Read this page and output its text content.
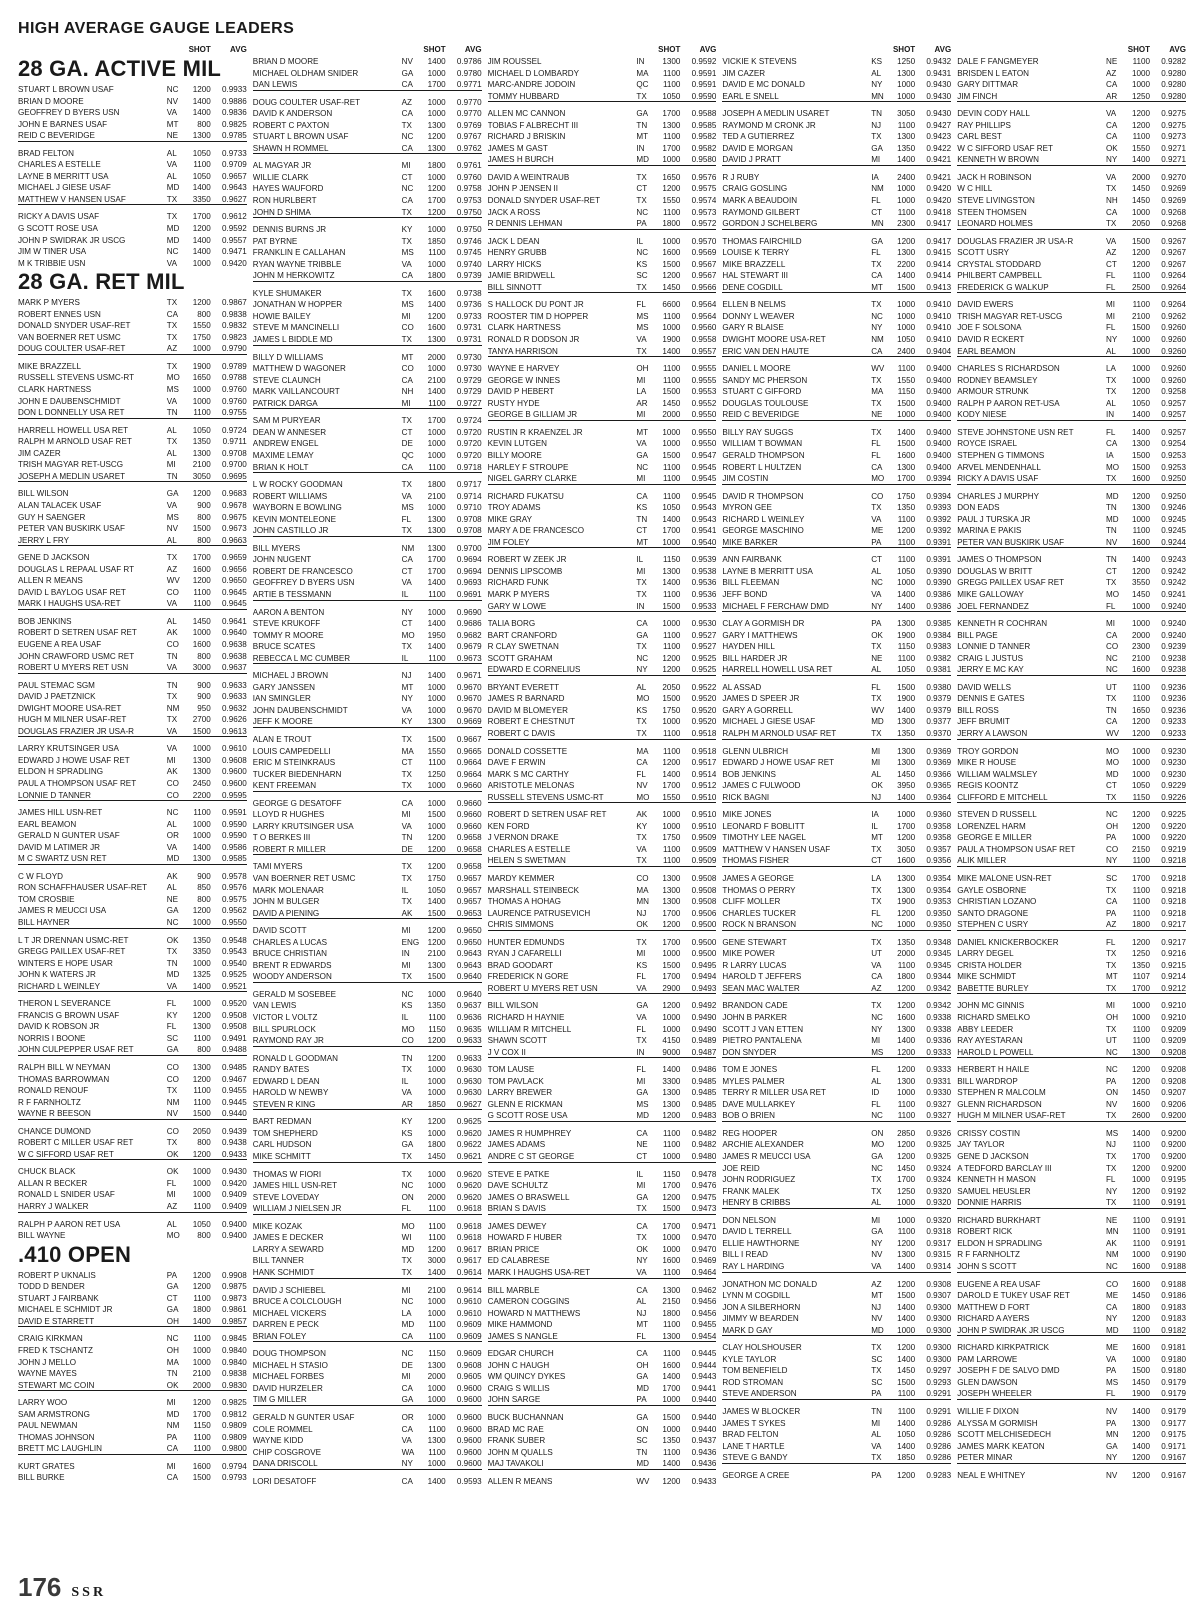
HIGH AVERAGE GAUGE LEADERS
SHOT	AVG
28 GA. ACTIVE MIL
STUART L BROWN USAF	NC	1200	0.9933
BRIAN D MOORE	NV	1400	0.9886
GEOFFREY D BYERS USN	VA	1400	0.9836
JOHN E BARNES USAF	MT	800	0.9825
REID C BEVERIDGE	NE	1300	0.9785
BRAD FELTON	AL	1050	0.9733
CHARLES A ESTELLE	VA	1100	0.9709
LAYNE B MERRITT USA	AL	1050	0.9657
MICHAEL J GIESE USAF	MD	1400	0.9643
MATTHEW V HANSEN USAF	TX	3350	0.9627
RICKY A DAVIS USAF	TX	1700	0.9612
G SCOTT ROSE USA	MD	1200	0.9592
JOHN P SWIDRAK JR USCG	MD	1400	0.9557
JIM W TINER USA	NC	1400	0.9471
M K TRIBBIE USN	VA	1000	0.9420
28 GA. RET MIL
MARK P MYERS	TX	1200	0.9867
ROBERT ENNES USN	CA	800	0.9838
DONALD SNYDER USAF-RET	TX	1550	0.9832
VAN BOERNER RET USMC	TX	1750	0.9823
DOUG COULTER USAF-RET	AZ	1000	0.9790
MIKE BRAZZELL	TX	1900	0.9789
RUSSELL STEVENS USMC-RT	MO	1650	0.9788
CLARK HARTNESS	MS	1000	0.9760
JOHN E DAUBENSCHMIDT	VA	1000	0.9760
DON L DONNELLY USA RET	TN	1100	0.9755
HARRELL HOWELL USA RET	AL	1050	0.9724
RALPH M ARNOLD USAF RET	TX	1350	0.9711
JIM CAZER	AL	1300	0.9708
TRISH MAGYAR RET-USCG	MI	2100	0.9700
JOSEPH A MEDLIN USARET	TN	3050	0.9695
BILL WILSON	GA	1200	0.9683
ALAN TALACEK USAF	VA	900	0.9678
GUY H SAENGER	MS	800	0.9675
PETER VAN BUSKIRK USAF	NV	1500	0.9673
JERRY L FRY	AL	800	0.9663
GENE D JACKSON	TX	1700	0.9659
DOUGLAS L REPAAL USAF RT	AZ	1600	0.9656
ALLEN R MEANS	WV	1200	0.9650
DAVID L BAYLOG USAF RET	CO	1100	0.9645
MARK I HAUGHS USA-RET	VA	1100	0.9645
BOB JENKINS	AL	1450	0.9641
ROBERT D SETREN USAF RET	AK	1000	0.9640
EUGENE A REA USAF	CO	1600	0.9638
JOHN CRAWFORD USMC RET	TN	800	0.9638
ROBERT U MYERS RET USN	VA	3000	0.9637
PAUL STEMAC SGM	TN	900	0.9633
DAVID J PAETZNICK	TX	900	0.9633
DWIGHT MOORE USA-RET	NM	950	0.9632
HUGH M MILNER USAF-RET	TX	2700	0.9626
DOUGLAS FRAZIER JR USA-R	VA	1500	0.9613
LARRY KRUTSINGER USA	VA	1000	0.9610
EDWARD J HOWE USAF RET	MI	1300	0.9608
ELDON H SPRADLING	AK	1300	0.9600
PAUL A THOMPSON USAF RET	CO	2450	0.9600
LONNIE D TANNER	CO	2200	0.9595
JAMES HILL USN-RET	NC	1100	0.9591
EARL BEAMON	AL	1000	0.9590
GERALD N GUNTER USAF	OR	1000	0.9590
DAVID M LATIMER JR	VA	1400	0.9586
M C SWARTZ USN RET	MD	1300	0.9585
C W FLOYD	AK	900	0.9578
RON SCHAFFHAUSER USAF-RET	AL	850	0.9576
TOM CROSBIE	NE	800	0.9575
JAMES R MEUCCI USA	GA	1200	0.9562
BILL HAYNER	NC	1000	0.9550
L T JR DRENNAN USMC-RET	OK	1350	0.9548
GREGG PAILLEX USAF-RET	TX	3350	0.9543
WINTERS E HOPE USAR	TN	1000	0.9540
JOHN K WATERS JR	MD	1325	0.9525
RICHARD L WEINLEY	VA	1400	0.9521
THERON L SEVERANCE	FL	1000	0.9520
FRANCIS G BROWN USAF	KY	1200	0.9508
DAVID K ROBSON JR	FL	1300	0.9508
NORRIS I BOONE	SC	1100	0.9491
JOHN CULPEPPER USAF RET	GA	800	0.9488
RALPH BILL W NEYMAN	CO	1300	0.9485
THOMAS BARROWMAN	CO	1200	0.9467
RONALD RENOUF	TX	1100	0.9455
R F FARNHOLTZ	NM	1100	0.9445
WAYNE R BEESON	NV	1500	0.9440
CHANCE DUMOND	CO	2050	0.9439
ROBERT C MILLER USAF RET	TX	800	0.9438
W C SIFFORD USAF RET	OK	1200	0.9433
CHUCK BLACK	OK	1000	0.9430
ALLAN R BECKER	FL	1000	0.9420
RONALD L SNIDER USAF	MI	1000	0.9409
HARRY J WALKER	AZ	1100	0.9409
RALPH P AARON RET USA	AL	1050	0.9400
BILL WAYNE	MO	800	0.9400
.410 OPEN
ROBERT P UKNALIS	PA	1200	0.9908
TODD D BENDER	GA	1200	0.9875
STUART J FAIRBANK	CT	1100	0.9873
MICHAEL E SCHMIDT JR	GA	1800	0.9861
DAVID E STARRETT	OH	1400	0.9857
CRAIG KIRKMAN	NC	1100	0.9845
FRED K TSCHANTZ	OH	1000	0.9840
JOHN J MELLO	MA	1000	0.9840
WAYNE MAYES	TN	2100	0.9838
STEWART MC COIN	OK	2000	0.9830
LARRY WOO	MI	1200	0.9825
SAM ARMSTRONG	MD	1700	0.9812
PAUL NEWMAN	NM	1150	0.9809
THOMAS JOHNSON	PA	1100	0.9809
BRETT MC LAUGHLIN	CA	1100	0.9800
KURT GRATES	MI	1600	0.9794
BILL BURKE	CA	1500	0.9793
SHOT	AVG
BRIAN D MOORE	NV	1400	0.9786
MICHAEL OLDHAM SNIDER	GA	1000	0.9780
DAN LEWIS	CA	1700	0.9771
DOUG COULTER USAF-RET	AZ	1000	0.9770
DAVID K ANDERSON	CA	1000	0.9770
ROBERT C PAXTON	TX	1300	0.9769
STUART L BROWN USAF	NC	1200	0.9767
SHAWN H ROMMEL	CA	1300	0.9762
AL MAGYAR JR	MI	1800	0.9761
WILLIE CLARK	CT	1000	0.9760
HAYES WAUFORD	NC	1200	0.9758
RON HURLBERT	CA	1700	0.9753
JOHN D SHIMA	TX	1200	0.9750
DENNIS BURNS JR	KY	1000	0.9750
PAT BYRNE	TX	1850	0.9746
FRANKLIN E CALLAHAN	MS	1100	0.9745
RYAN WAYNE TRIBBLE	VA	1000	0.9740
JOHN M HERKOWITZ	CA	1800	0.9739
KYLE SHUMAKER	TX	1600	0.9738
JONATHAN W HOPPER	MS	1400	0.9736
HOWIE BAILEY	MI	1200	0.9733
STEVE M MANCINELLI	CO	1600	0.9731
JAMES L BIDDLE MD	TX	1300	0.9731
BILLY D WILLIAMS	MT	2000	0.9730
MATTHEW D WAGONER	CO	1000	0.9730
STEVE CLAUNCH	CA	2100	0.9729
MARK VAILLANCOURT	NH	1400	0.9729
PATRICK DARGA	MI	1100	0.9727
SAM M PURYEAR	TX	1700	0.9724
DEAN W ANNESER	CT	1000	0.9720
ANDREW ENGEL	DE	1000	0.9720
MAXIME LEMAY	QC	1000	0.9720
BRIAN K HOLT	CA	1100	0.9718
L W ROCKY GOODMAN	TX	1800	0.9717
ROBERT WILLIAMS	VA	2100	0.9714
WAYBORN E BOWLING	MS	1000	0.9710
KEVIN MONTELEONE	FL	1300	0.9708
JOHN CASTILLO JR	TX	1300	0.9708
BILL MYERS	NM	1300	0.9700
JOHN NUGENT	CA	1700	0.9694
ROBERT DE FRANCESCO	CT	1700	0.9694
GEOFFREY D BYERS USN	VA	1400	0.9693
ARTIE B TESSMANN	IL	1100	0.9691
AARON A BENTON	NY	1000	0.9690
STEVE KRUKOFF	CT	1400	0.9686
TOMMY R MOORE	MO	1950	0.9682
BRUCE SCATES	TX	1400	0.9679
REBECCA L MC CUMBER	IL	1100	0.9673
MICHAEL J BROWN	NJ	1400	0.9671
GARY JANSSEN	MT	1000	0.9670
IAN SMINGLER	NY	1000	0.9670
JOHN DAUBENSCHMIDT	VA	1000	0.9670
JEFF K MOORE	KY	1300	0.9669
ALAN E TROUT	TX	1500	0.9667
LOUIS CAMPEDELLI	MA	1550	0.9665
ERIC M STEINKRAUS	CT	1100	0.9664
TUCKER BIEDENHARN	TX	1250	0.9664
KENT FREEMAN	TX	1000	0.9660
GEORGE G DESATOFF	CA	1000	0.9660
LLOYD R HUGHES	MI	1500	0.9660
LARRY KRUTSINGER USA	VA	1000	0.9660
T O BERKES III	TN	1200	0.9658
ROBERT R MILLER	DE	1200	0.9658
TAMI MYERS	TX	1200	0.9658
VAN BOERNER RET USMC	TX	1750	0.9657
MARK MOLENAAR	IL	1050	0.9657
JOHN M BULGER	TX	1400	0.9657
DAVID A PIENING	AK	1500	0.9653
DAVID SCOTT	MI	1200	0.9650
CHARLES A LUCAS	ENG	1200	0.9650
BRUCE CHRISTIAN	IN	2100	0.9643
BRENT R EDWARDS	MI	1300	0.9643
WOODY ANDERSON	TX	1500	0.9640
GERALD M SOSEBEE	NC	1000	0.9640
VAN LEWIS	KS	1350	0.9637
VICTOR L VOLTZ	IL	1100	0.9636
BILL SPURLOCK	MO	1150	0.9635
RAYMOND RAY JR	CO	1200	0.9633
RONALD L GOODMAN	TN	1200	0.9633
RANDY BATES	TX	1000	0.9630
EDWARD L DEAN	IL	1000	0.9630
HAROLD W NEWBY	VA	1000	0.9630
STEVEN R KING	AR	1850	0.9627
BART REDMAN	KY	1200	0.9625
TOM SHEPHERD	KS	1000	0.9620
CARL HUDSON	GA	1800	0.9622
MIKE SCHMITT	TX	1450	0.9621
THOMAS W FIORI	TX	1000	0.9620
JAMES HILL USN-RET	NC	1000	0.9620
STEVE LOVEDAY	ON	2000	0.9620
WILLIAM J NIELSEN JR	FL	1100	0.9618
MIKE KOZAK	MO	1100	0.9618
JAMES E DECKER	WI	1100	0.9618
LARRY A SEWARD	MD	1200	0.9617
BILL TANNER	TX	3000	0.9617
HANK SCHMIDT	TX	1400	0.9614
DAVID J SCHIEBEL	MI	2100	0.9614
BRUCE A COLCLOUGH	NC	1000	0.9610
MICHAEL VICKERS	LA	1000	0.9610
DARREN E PECK	MD	1100	0.9609
BRIAN FOLEY	CA	1100	0.9609
DOUG THOMPSON	NC	1150	0.9609
MICHAEL H STASIO	DE	1300	0.9608
MICHAEL FORBES	MI	2000	0.9605
DAVID HURZELER	CA	1000	0.9600
TIM G MILLER	GA	1000	0.9600
GERALD N GUNTER USAF	OR	1000	0.9600
COLE ROMMEL	CA	1100	0.9600
WAYNE KIDD	VA	1300	0.9600
CHIP COSGROVE	WA	1100	0.9600
DANA DRISCOLL	NY	1000	0.9600
LORI DESATOFF	CA	1400	0.9593
SHOT	AVG
JIM ROUSSEL	IN	1300	0.9592
MICHAEL D LOMBARDY	MA	1100	0.9591
MARC-ANDRE JODOIN	QC	1100	0.9591
TOMMY HUBBARD	TX	1050	0.9590
ALLEN MC CANNON	GA	1700	0.9588
TOBIAS F ALBRECHT III	TN	1300	0.9585
RICHARD J BRISKIN	MT	1100	0.9582
JAMES M GAST	IN	1700	0.9582
JAMES H BURCH	MD	1000	0.9580
DAVID A WEINTRAUB	TX	1650	0.9576
JOHN P JENSEN II	CT	1200	0.9575
DONALD SNYDER USAF-RET	TX	1550	0.9574
JACK A ROSS	NC	1100	0.9573
R DENNIS LEHMAN	PA	1800	0.9572
JACK L DEAN	IL	1000	0.9570
HENRY GRUBB	NC	1600	0.9569
LARRY HICKS	KS	1500	0.9567
JAMIE BRIDWELL	SC	1200	0.9567
BILL SINNOTT	TX	1450	0.9566
S HALLOCK DU PONT JR	FL	6600	0.9564
ROOSTER TIM D HOPPER	MS	1100	0.9564
CLARK HARTNESS	MS	1000	0.9560
RONALD R DODSON JR	VA	1900	0.9558
TANYA HARRISON	TX	1400	0.9557
WAYNE E HARVEY	OH	1100	0.9555
GEORGE W INNES	MI	1100	0.9555
DAVID P HEBERT	LA	1500	0.9553
RUSTY HYDE	AR	1450	0.9552
GEORGE B GILLIAM JR	MI	2000	0.9550
RUSTIN R KRAENZEL JR	MT	1000	0.9550
KEVIN LUTGEN	VA	1000	0.9550
BILLY MOORE	GA	1500	0.9547
HARLEY F STROUPE	NC	1100	0.9545
NIGEL GARRY CLARKE	MI	1100	0.9545
RICHARD FUKATSU	CA	1100	0.9545
TROY ADAMS	KS	1050	0.9543
MIKE GRAY	TN	1400	0.9543
MARY A DE FRANCESCO	CT	1700	0.9541
JIM FOLEY	MT	1000	0.9540
ROBERT W ZEEK JR	IL	1150	0.9539
DENNIS LIPSCOMB	MI	1300	0.9538
RICHARD FUNK	TX	1400	0.9536
MARK P MYERS	TX	1100	0.9536
GARY W LOWE	IN	1500	0.9533
TALIA BORG	CA	1000	0.9530
BART CRANFORD	GA	1100	0.9527
R CLAY SWETNAN	TX	1100	0.9527
SCOTT GRAHAM	NC	1200	0.9525
EDWARD E CORNELIUS	NY	1200	0.9525
BRYANT EVERETT	AL	2050	0.9522
JAMES R BARNARD	MO	1500	0.9520
DAVID M BLOMEYER	KS	1750	0.9520
ROBERT E CHESTNUT	TX	1000	0.9520
ROBERT C DAVIS	TX	1100	0.9518
DONALD COSSETTE	MA	1100	0.9518
DAVE F ERWIN	CA	1200	0.9517
MARK S MC CARTHY	FL	1400	0.9514
ARISTOTLE MELONAS	NV	1700	0.9512
RUSSELL STEVENS USMC-RT	MO	1550	0.9510
ROBERT D SETREN USAF RET	AK	1000	0.9510
KEN FORD	KY	1000	0.9510
J VERNON DRAKE	TX	1750	0.9509
CHARLES A ESTELLE	VA	1100	0.9509
HELEN S SWETMAN	TX	1100	0.9509
MARDY KEMMER	CO	1300	0.9508
MARSHALL STEINBECK	MA	1300	0.9508
THOMAS A HOHAG	MN	1300	0.9508
LAURENCE PATRUSEVICH	NJ	1700	0.9506
CHRIS SIMMONS	OK	1200	0.9500
HUNTER EDMUNDS	TX	1700	0.9500
RYAN J CAFARELLI	MI	1000	0.9500
BRAD GOODART	KS	1500	0.9495
FREDERICK N GORE	FL	1700	0.9494
ROBERT U MYERS RET USN	VA	2900	0.9493
BILL WILSON	GA	1200	0.9492
RICHARD H HAYNIE	VA	1000	0.9490
WILLIAM R MITCHELL	FL	1000	0.9490
SHAWN SCOTT	TX	4150	0.9489
J V COX II	IN	9000	0.9487
TOM LAUSE	FL	1400	0.9486
TOM PAVLACK	MI	3300	0.9485
LARRY BREWER	GA	1300	0.9485
GLENN E RICKMAN	MS	1300	0.9485
G SCOTT ROSE USA	MD	1200	0.9483
JAMES R HUMPHREY	CA	1100	0.9482
JAMES ADAMS	NE	1100	0.9482
ANDRE C ST GEORGE	CT	1000	0.9480
STEVE E PATKE	IL	1150	0.9478
DAVE SCHULTZ	MI	1700	0.9476
JAMES O BRASWELL	GA	1200	0.9475
BRIAN S DAVIS	TX	1500	0.9473
JAMES DEWEY	CA	1700	0.9471
HOWARD F HUBER	TX	1000	0.9470
BRIAN PRICE	OK	1000	0.9470
ED CALABRESE	NY	1600	0.9469
MARK I HAUGHS USA-RET	VA	1100	0.9464
BILL MARBLE	CA	1300	0.9462
CAMERON COGGINS	AL	2150	0.9456
HOWARD N MATTHEWS	NJ	1800	0.9456
MIKE HAMMOND	MT	1100	0.9455
JAMES S NANGLE	FL	1300	0.9454
EDGAR CHURCH	CA	1100	0.9445
JOHN C HAUGH	OH	1600	0.9444
WM QUINCY DYKES	GA	1400	0.9443
CRAIG S WILLIS	MD	1700	0.9441
JOHN SARGE	PA	1000	0.9440
BUCK BUCHANNAN	GA	1500	0.9440
BRAD MC RAE	ON	1000	0.9440
FRANK SUBER	SC	1350	0.9437
JOHN M QUALLS	TN	1100	0.9436
MAJ TAVAKOLI	MD	1400	0.9436
ALLEN R MEANS	WV	1200	0.9433
SHOT	AVG
VICKIE K STEVENS	KS	1250	0.9432
JIM CAZER	AL	1300	0.9431
DAVID E MC DONALD	NY	1000	0.9430
EARL E SNELL	MN	1000	0.9430
JOSEPH A MEDLIN USARET	TN	3050	0.9430
RAYMOND M CRONK JR	NJ	1100	0.9427
TED A GUTIERREZ	TX	1300	0.9423
DAVID E MORGAN	GA	1350	0.9422
DAVID J PRATT	MI	1400	0.9421
R J RUBY	IA	2400	0.9421
CRAIG GOSLING	NM	1000	0.9420
MARK A BEAUDOIN	FL	1000	0.9420
RAYMOND GILBERT	CT	1100	0.9418
GORDON J SCHELBERG	MN	2300	0.9417
THOMAS FAIRCHILD	GA	1200	0.9417
LOUISE K TERRY	FL	1300	0.9415
MIKE BRAZZELL	TX	2200	0.9414
HAL STEWART III	CA	1400	0.9414
DENE COGDILL	MT	1500	0.9413
ELLEN B NELMS	TX	1000	0.9410
DONNY L WEAVER	NC	1000	0.9410
GARY R BLAISE	NY	1000	0.9410
DWIGHT MOORE USA-RET	NM	1050	0.9410
ERIC VAN DEN HAUTE	CA	2400	0.9404
DANIEL L MOORE	WV	1100	0.9400
SANDY MC PHERSON	TX	1550	0.9400
STUART C GIFFORD	MA	1150	0.9400
DOUGLAS TOULOUSE	TX	1500	0.9400
REID C BEVERIDGE	NE	1000	0.9400
BILLY RAY SUGGS	TX	1400	0.9400
WILLIAM T BOWMAN	FL	1500	0.9400
GERALD THOMPSON	FL	1600	0.9400
ROBERT L HULTZEN	CA	1300	0.9400
JIM COSTIN	MO	1700	0.9394
DAVID R THOMPSON	CO	1750	0.9394
MYRON GEE	TX	1350	0.9393
RICHARD L WEINLEY	VA	1100	0.9392
GEORGE MASCHINO	ME	1200	0.9392
MIKE BARKER	PA	1100	0.9391
ANN FAIRBANK	CT	1100	0.9391
LAYNE B MERRITT USA	AL	1050	0.9390
BILL FLEEMAN	NC	1000	0.9390
JEFF BOND	VA	1400	0.9386
MICHAEL F FERCHAW DMD	NY	1400	0.9386
CLAY A GORMISH DR	PA	1300	0.9385
GARY I MATTHEWS	OK	1900	0.9384
HAYDEN HILL	TX	1150	0.9383
BILL HARDER JR	NE	1100	0.9382
HARRELL HOWELL USA RET	AL	1050	0.9381
AL ASSAD	FL	1500	0.9380
JAMES D SPEER JR	TX	1900	0.9379
GARY A GORRELL	WV	1400	0.9379
MICHAEL J GIESE USAF	MD	1300	0.9377
RALPH M ARNOLD USAF RET	TX	1350	0.9370
GLENN ULBRICH	MI	1300	0.9369
EDWARD J HOWE USAF RET	MI	1300	0.9369
BOB JENKINS	AL	1450	0.9366
JAMES C FULWOOD	OK	3950	0.9365
RICK BAGNI	NJ	1400	0.9364
MIKE JONES	IA	1000	0.9360
LEONARD F BOBLITT	IL	1700	0.9358
TIMOTHY LEE NAGEL	MT	1200	0.9358
MATTHEW V HANSEN USAF	TX	3050	0.9357
THOMAS FISHER	CT	1600	0.9356
JAMES A GEORGE	LA	1300	0.9354
THOMAS O PERRY	TX	1300	0.9354
CLIFF MOLLER	TX	1900	0.9353
CHARLES TUCKER	FL	1200	0.9350
ROCK N BRANSON	NC	1000	0.9350
GENE STEWART	TX	1350	0.9348
MIKE POWER	UT	2000	0.9345
R LARRY LUCAS	VA	1100	0.9345
HAROLD T JEFFERS	CA	1800	0.9344
SEAN MAC WALTER	AZ	1200	0.9342
BRANDON CADE	TX	1200	0.9342
JOHN B PARKER	NC	1600	0.9338
SCOTT J VAN ETTEN	NY	1300	0.9338
PIETRO PANTALENA	MI	1400	0.9336
DON SNYDER	MS	1200	0.9333
TOM E JONES	FL	1200	0.9333
MYLES PALMER	AL	1300	0.9331
TERRY R MILLER USA RET	ID	1000	0.9330
DAVE MULLARKEY	FL	1100	0.9327
BOB O BRIEN	NC	1100	0.9327
REG HOOPER	ON	2850	0.9326
ARCHIE ALEXANDER	MO	1200	0.9325
JAMES R MEUCCI USA	GA	1200	0.9325
JOE REID	NC	1450	0.9324
JOHN RODRIGUEZ	TX	1700	0.9324
FRANK MALEK	TX	1250	0.9320
HENRY B CRIBBS	AL	1000	0.9320
DON NELSON	MI	1000	0.9320
DAVID L TERRELL	GA	1100	0.9318
ELLIE HAWTHORNE	NY	1200	0.9317
BILL I READ	NV	1300	0.9315
RAY L HARDING	VA	1400	0.9314
JONATHON MC DONALD	AZ	1200	0.9308
LYNN M COGDILL	MT	1500	0.9307
JON A SILBERHORN	NJ	1400	0.9300
JIMMY W BEARDEN	NV	1400	0.9300
MARK D GAY	MD	1000	0.9300
CLAY HOLSHOUSER	TX	1200	0.9300
KYLE TAYLOR	SC	1400	0.9300
TOM BENEFIELD	TX	1450	0.9297
ROD STROMAN	SC	1500	0.9293
STEVE ANDERSON	PA	1100	0.9291
JAMES W BLOCKER	TN	1100	0.9291
JAMES T SYKES	MI	1400	0.9286
BRAD FELTON	AL	1050	0.9286
LANE T HARTLE	VA	1400	0.9286
STEVE G BANDY	TX	1850	0.9286
GEORGE A CREE	PA	1200	0.9283
SHOT	AVG
DALE F FANGMEYER	NE	1100	0.9282
BRISDEN L EATON	AZ	1000	0.9280
GARY DITTMAR	CA	1000	0.9280
JIM FINCH	AR	1250	0.9280
DEVIN CODY HALL	VA	1200	0.9275
RAY PHILLIPS	CA	1200	0.9275
CARL BEST	CA	1100	0.9273
W C SIFFORD USAF RET	OK	1550	0.9271
KENNETH W BROWN	NY	1400	0.9271
JACK H ROBINSON	VA	2000	0.9270
W C HILL	TX	1450	0.9269
STEVE LIVINGSTON	NH	1450	0.9269
STEEN THOMSEN	CA	1000	0.9268
LEONARD HOLMES	TX	2050	0.9268
DOUGLAS FRAZIER JR USA-R	VA	1500	0.9267
SCOTT USRY	AZ	1200	0.9267
CRYSTAL STODDARD	CT	1200	0.9267
PHILBERT CAMPBELL	FL	1100	0.9264
FREDERICK G WALKUP	FL	2500	0.9264
DAVID EWERS	MI	1100	0.9264
TRISH MAGYAR RET-USCG	MI	2100	0.9262
JOE F SOLSONA	FL	1500	0.9260
DAVID R ECKERT	NY	1000	0.9260
EARL BEAMON	AL	1000	0.9260
CHARLES S RICHARDSON	LA	1000	0.9260
RODNEY BEAMSLEY	TX	1000	0.9260
ARMOUR STRUNK	TX	1200	0.9258
RALPH P AARON RET-USA	AL	1050	0.9257
KODY NIESE	IN	1400	0.9257
STEVE JOHNSTONE USN RET	FL	1400	0.9257
ROYCE ISRAEL	CA	1300	0.9254
STEPHEN G TIMMONS	IA	1500	0.9253
ARVEL MENDENHALL	MO	1500	0.9253
RICKY A DAVIS USAF	TX	1600	0.9250
CHARLES J MURPHY	MD	1200	0.9250
DON EADS	TN	1300	0.9246
PAUL J TURSKA JR	MD	1000	0.9245
MARINA E PAKIS	TN	1100	0.9245
PETER VAN BUSKIRK USAF	NV	1600	0.9244
JAMES O THOMPSON	TN	1400	0.9243
DOUGLAS W BRITT	CT	1200	0.9242
GREGG PAILLEX USAF RET	TX	3550	0.9242
MIKE GALLOWAY	MO	1450	0.9241
JOEL FERNANDEZ	FL	1000	0.9240
KENNETH R COCHRAN	MI	1000	0.9240
BILL PAGE	CA	2000	0.9240
LONNIE D TANNER	CO	2300	0.9239
CRAIG L JUSTUS	NC	2100	0.9238
JERRY E MC KAY	NC	1600	0.9238
DAVID WELLS	UT	1100	0.9236
DENNIS E GATES	TX	1100	0.9236
BILL ROSS	TN	1650	0.9236
JEFF BRUMIT	CA	1200	0.9233
JERRY A LAWSON	WV	1200	0.9233
TROY GORDON	MO	1000	0.9230
MIKE R HOUSE	MO	1000	0.9230
WILLIAM WALMSLEY	MD	1000	0.9230
REGIS KOONTZ	CT	1050	0.9229
CLIFFORD E MITCHELL	TX	1150	0.9226
STEVEN D RUSSELL	NC	1200	0.9225
LORENZEL HARM	OH	1200	0.9220
GEORGE E MILLER	PA	1000	0.9220
PAUL A THOMPSON USAF RET	CO	2150	0.9219
ALIK MILLER	NY	1100	0.9218
MIKE MALONE USN-RET	SC	1700	0.9218
GAYLE OSBORNE	TX	1100	0.9218
CHRISTIAN LOZANO	CA	1100	0.9218
SANTO DRAGONE	PA	1100	0.9218
STEPHEN C USRY	AZ	1800	0.9217
DANIEL KNICKERBOCKER	FL	1200	0.9217
LARRY DEGEL	TX	1250	0.9216
CRISTA HOLDER	TX	1350	0.9215
MIKE SCHMIDT	MT	1107	0.9214
BABETTE BURLEY	TX	1700	0.9212
JOHN MC GINNIS	MI	1000	0.9210
RICHARD SMELKO	OH	1000	0.9210
ABBY LEEDER	TX	1100	0.9209
RAY AYESTARAN	UT	1100	0.9209
HAROLD L POWELL	NC	1300	0.9208
HERBERT H HAILE	NC	1200	0.9208
BILL WARDROP	PA	1200	0.9208
STEPHEN R MALCOLM	ON	1450	0.9207
GLENN RICHARDSON	NV	1600	0.9206
HUGH M MILNER USAF-RET	TX	2600	0.9200
CRISSY COSTIN	MS	1400	0.9200
JAY TAYLOR	NJ	1100	0.9200
GENE D JACKSON	TX	1700	0.9200
A TEDFORD BARCLAY III	TX	1200	0.9200
KENNETH H MASON	FL	1000	0.9195
SAMUEL HEUSLER	NY	1200	0.9192
DONNIE HARRIS	TX	1100	0.9191
RICHARD BURKHART	NE	1100	0.9191
ROBERT RICK	MN	1100	0.9191
ELDON H SPRADLING	AK	1100	0.9191
R F FARNHOLTZ	NM	1000	0.9190
JOHN S SCOTT	NC	1600	0.9188
EUGENE A REA USAF	CO	1600	0.9188
DAROLD E TUKEY USAF RET	ME	1450	0.9186
MATTHEW D FORT	CA	1800	0.9183
RICHARD A AYERS	NY	1200	0.9183
JOHN P SWIDRAK JR USCG	MD	1100	0.9182
RICHARD KIRKPATRICK	ME	1600	0.9181
PAM LARROWE	VA	1000	0.9180
JOSEPH F DE SALVO DMD	PA	1500	0.9180
GLEN DAWSON	MS	1450	0.9179
JOSEPH WHEELER	FL	1900	0.9179
WILLIE F DIXON	NV	1400	0.9179
ALYSSA M GORMISH	PA	1300	0.9177
SCOTT MELCHISEDECH	MN	1200	0.9175
JAMES MARK KEATON	GA	1400	0.9171
PETER MINAR	NY	1200	0.9167
NEAL E WHITNEY	NV	1200	0.9167
176 SSR
